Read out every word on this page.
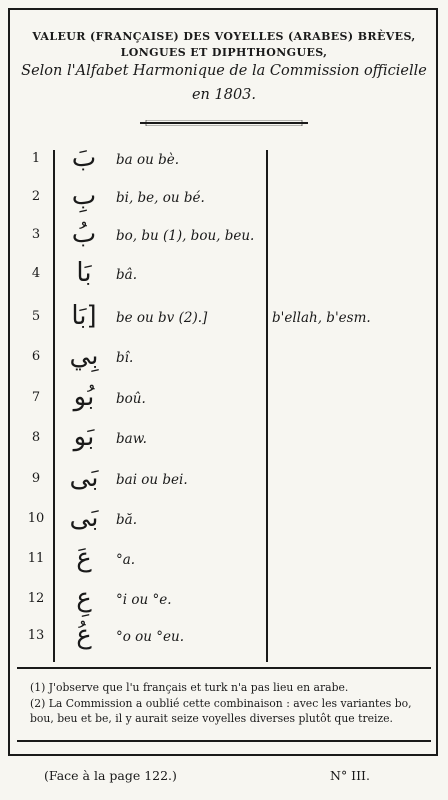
VALEUR (FRANÇAISE) DES VOYELLES (ARABES) BRÈVES,
LONGUES ET DIPHTHONGUES,
Selon l'Alfabet Harmonique de la Commission officielle
en 1803.
1	بَ	ba ou bè.
2	بِ	bi, be, ou bé.
3	بُ	bo, bu (1), bou, beu.
4	بَا	bâ.
5	[بَا	be ou bv (2).]	b'ellah, b'esm.
6	بِي	bî.
7	بُو	boû.
8	بَو	baw.
9	بَى	bai ou bei.
10 بَى	bă.
11	عَ	°a.
12	عِ	°i ou °e.
13	عُ	°o ou °eu.
(1) J'observe que l'u français et turk n'a pas lieu en arabe.
(2) La Commission a oublié cette combinaison : avec les variantes bo, bou, beu et be, il y aurait seize voyelles diverses plutôt que treize.
(Face à la page 122.)	N° III.
